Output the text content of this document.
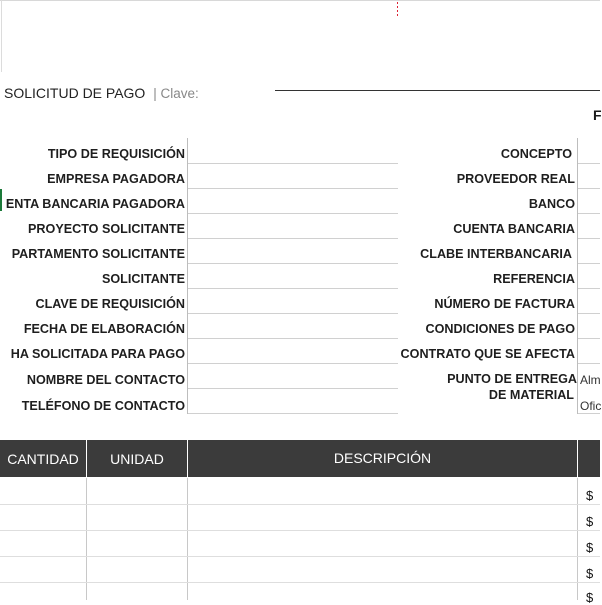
SOLICITUD DE PAGO | Clave:
F
TIPO DE REQUISICIÓN
EMPRESA PAGADORA
ENTA BANCARIA PAGADORA
PROYECTO SOLICITANTE
PARTAMENTO SOLICITANTE
SOLICITANTE
CLAVE DE REQUISICIÓN
FECHA DE ELABORACIÓN
HA SOLICITADA PARA PAGO
NOMBRE DEL CONTACTO
TELÉFONO DE CONTACTO
CONCEPTO
PROVEEDOR REAL
BANCO
CUENTA BANCARIA
CLABE INTERBANCARIA
REFERENCIA
NÚMERO DE FACTURA
CONDICIONES DE PAGO
CONTRATO QUE SE AFECTA
PUNTO DE ENTREGA
DE MATERIAL
Alm
Ofic
CANTIDAD	UNIDAD	DESCRIPCIÓN
$
$
$
$
$
